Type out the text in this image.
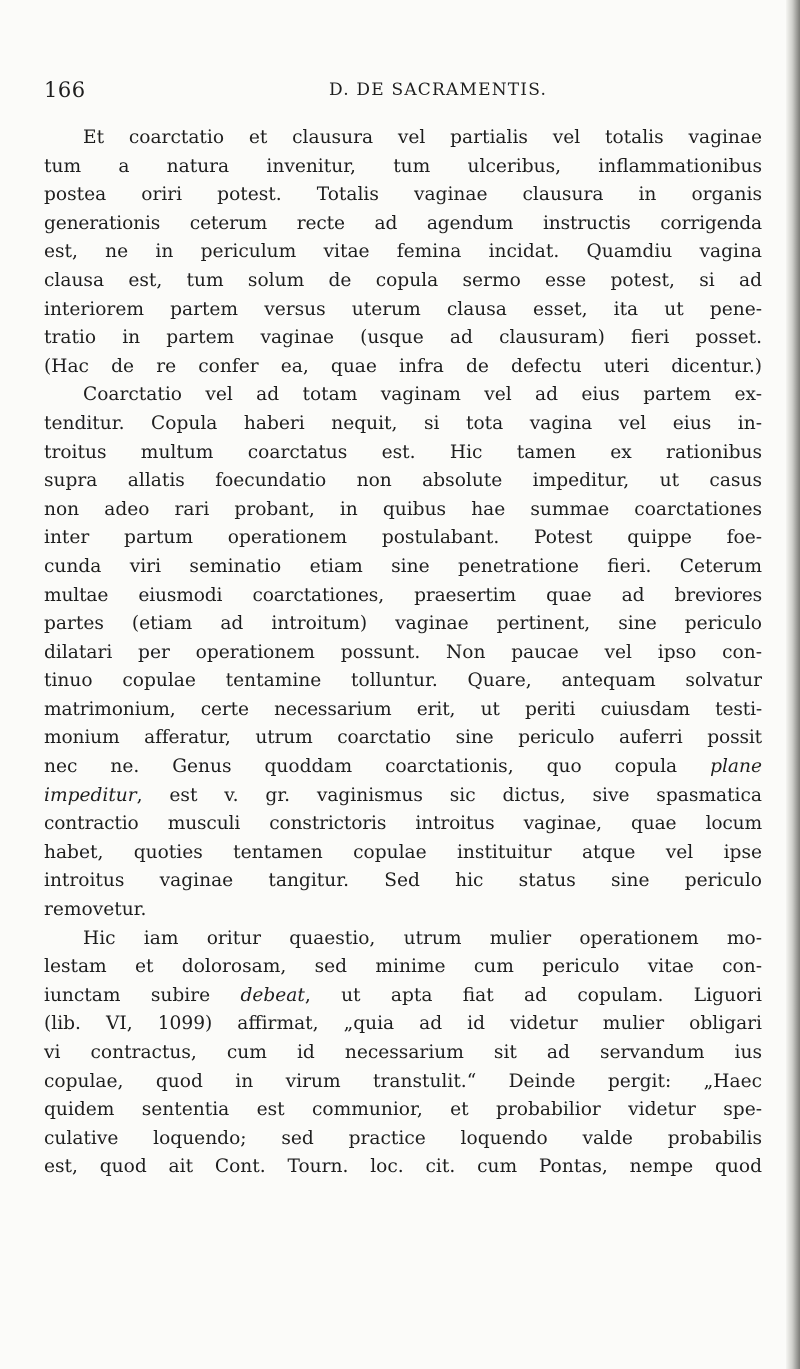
166	D. DE SACRAMENTIS.
Et coarctatio et clausura vel partialis vel totalis vaginae
tum a natura invenitur, tum ulceribus, inflammationibus
postea oriri potest. Totalis vaginae clausura in organis
generationis ceterum recte ad agendum instructis corrigenda
est, ne in periculum vitae femina incidat. Quamdiu vagina
clausa est, tum solum de copula sermo esse potest, si ad
interiorem partem versus uterum clausa esset, ita ut pene-
tratio in partem vaginae (usque ad clausuram) fieri posset.
(Hac de re confer ea, quae infra de defectu uteri dicentur.)
Coarctatio vel ad totam vaginam vel ad eius partem ex-
tenditur. Copula haberi nequit, si tota vagina vel eius in-
troitus multum coarctatus est. Hic tamen ex rationibus
supra allatis foecundatio non absolute impeditur, ut casus
non adeo rari probant, in quibus hae summae coarctationes
inter partum operationem postulabant. Potest quippe foe-
cunda viri seminatio etiam sine penetratione fieri. Ceterum
multae eiusmodi coarctationes, praesertim quae ad breviores
partes (etiam ad introitum) vaginae pertinent, sine periculo
dilatari per operationem possunt. Non paucae vel ipso con-
tinuo copulae tentamine tolluntur. Quare, antequam solvatur
matrimonium, certe necessarium erit, ut periti cuiusdam testi-
monium afferatur, utrum coarctatio sine periculo auferri possit
nec ne. Genus quoddam coarctationis, quo copula plane
impeditur, est v. gr. vaginismus sic dictus, sive spasmatica
contractio musculi constrictoris introitus vaginae, quae locum
habet, quoties tentamen copulae instituitur atque vel ipse
introitus vaginae tangitur. Sed hic status sine periculo
removetur.
Hic iam oritur quaestio, utrum mulier operationem mo-
lestam et dolorosam, sed minime cum periculo vitae con-
iunctam subire debeat, ut apta fiat ad copulam. Liguori
(lib. VI, 1099) affirmat, „quia ad id videtur mulier obligari
vi contractus, cum id necessarium sit ad servandum ius
copulae, quod in virum transtulit.“ Deinde pergit: „Haec
quidem sententia est communior, et probabilior videtur spe-
culative loquendo; sed practice loquendo valde probabilis
est, quod ait Cont. Tourn. loc. cit. cum Pontas, nempe quod
